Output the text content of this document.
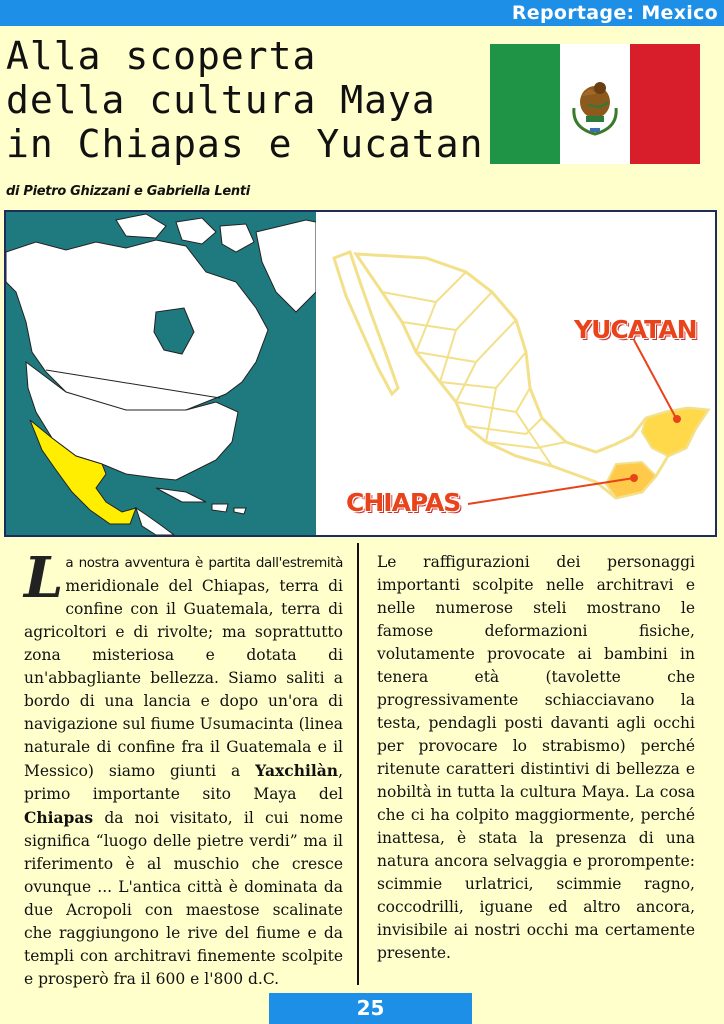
Reportage: Mexico
Alla scoperta
della cultura Maya
in Chiapas e Yucatan
di Pietro Ghizzani e Gabriella Lenti
YUCATAN
CHIAPAS
La nostra avventura è partita dall'estremità meridionale del Chiapas, terra di confine con il Guatemala, terra di agricoltori e di rivolte; ma soprattutto zona misteriosa e dotata di un'abbagliante bellezza. Siamo saliti a bordo di una lancia e dopo un'ora di navigazione sul fiume Usumacinta (linea naturale di confine fra il Guatemala e il Messico) siamo giunti a Yaxchilàn, primo importante sito Maya del Chiapas da noi visitato, il cui nome significa “luogo delle pietre verdi” ma il riferimento è al muschio che cresce ovunque ... L'antica città è dominata da due Acropoli con maestose scalinate che raggiungono le rive del fiume e da templi con architravi finemente scolpite e prosperò fra il 600 e l'800 d.C.
Le raffigurazioni dei personaggi importanti scolpite nelle architravi e nelle numerose steli mostrano le famose deformazioni fisiche, volutamente provocate ai bambini in tenera età (tavolette che progressivamente schiacciavano la testa, pendagli posti davanti agli occhi per provocare lo strabismo) perché ritenute caratteri distintivi di bellezza e nobiltà in tutta la cultura Maya. La cosa che ci ha colpito maggiormente, perché inattesa, è stata la presenza di una natura ancora selvaggia e prorompente: scimmie urlatrici, scimmie ragno, coccodrilli, iguane ed altro ancora, invisibile ai nostri occhi ma certamente presente.
25
